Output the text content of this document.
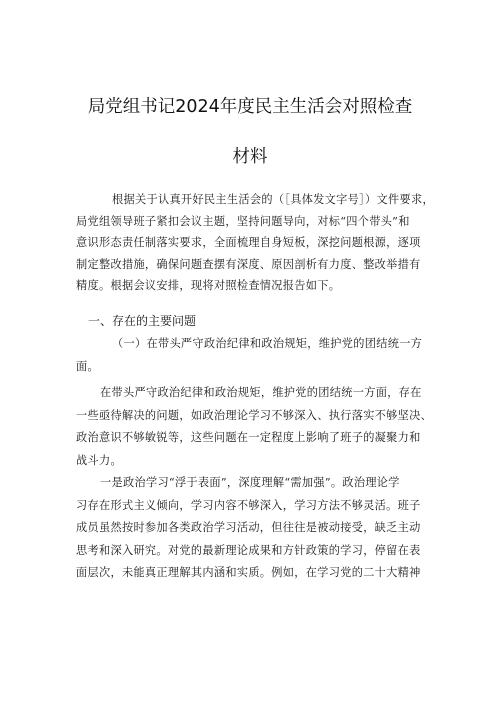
局党组书记2024年度民主生活会对照检查
材料
根据关于认真开好民主生活会的（［具体发文字号］）文件要求，
局党组领导班子紧扣会议主题，坚持问题导向，对标“四个带头”和
意识形态责任制落实要求，全面梳理自身短板，深挖问题根源，逐项
制定整改措施，确保问题查摆有深度、原因剖析有力度、整改举措有
精度。根据会议安排，现将对照检查情况报告如下。
一、存在的主要问题
（一）在带头严守政治纪律和政治规矩，维护党的团结统一方
面。
在带头严守政治纪律和政治规矩，维护党的团结统一方面，存在
一些亟待解决的问题，如政治理论学习不够深入、执行落实不够坚决、
政治意识不够敏锐等，这些问题在一定程度上影响了班子的凝聚力和
战斗力。
一是政治学习“浮于表面”，深度理解“需加强”。政治理论学
习存在形式主义倾向，学习内容不够深入，学习方法不够灵活。班子
成员虽然按时参加各类政治学习活动，但往往是被动接受，缺乏主动
思考和深入研究。对党的最新理论成果和方针政策的学习，停留在表
面层次，未能真正理解其内涵和实质。例如，在学习党的二十大精神
